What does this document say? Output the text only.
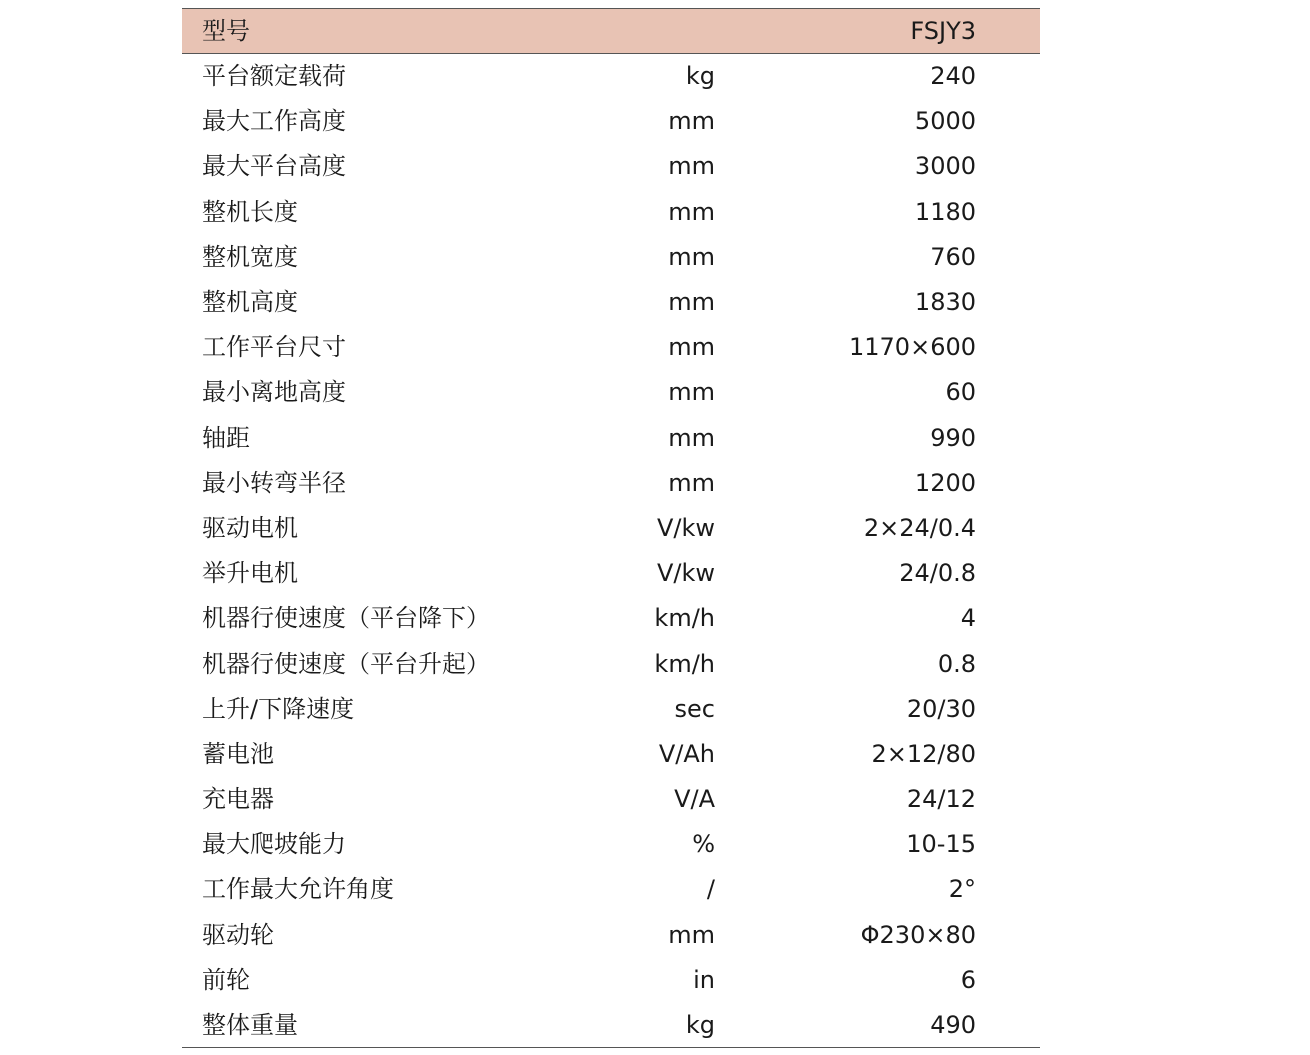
型号		FSJY3
平台额定载荷	kg	240
最大工作高度	mm	5000
最大平台高度	mm	3000
整机长度	mm	1180
整机宽度	mm	760
整机高度	mm	1830
工作平台尺寸	mm	1170×600
最小离地高度	mm	60
轴距	mm	990
最小转弯半径	mm	1200
驱动电机	V/kw	2×24/0.4
举升电机	V/kw	24/0.8
机器行使速度（平台降下）	km/h	4
机器行使速度（平台升起）	km/h	0.8
上升/下降速度	sec	20/30
蓄电池	V/Ah	2×12/80
充电器	V/A	24/12
最大爬坡能力	%	10-15
工作最大允许角度	/	2°
驱动轮	mm	Φ230×80
前轮	in	6
整体重量	kg	490
